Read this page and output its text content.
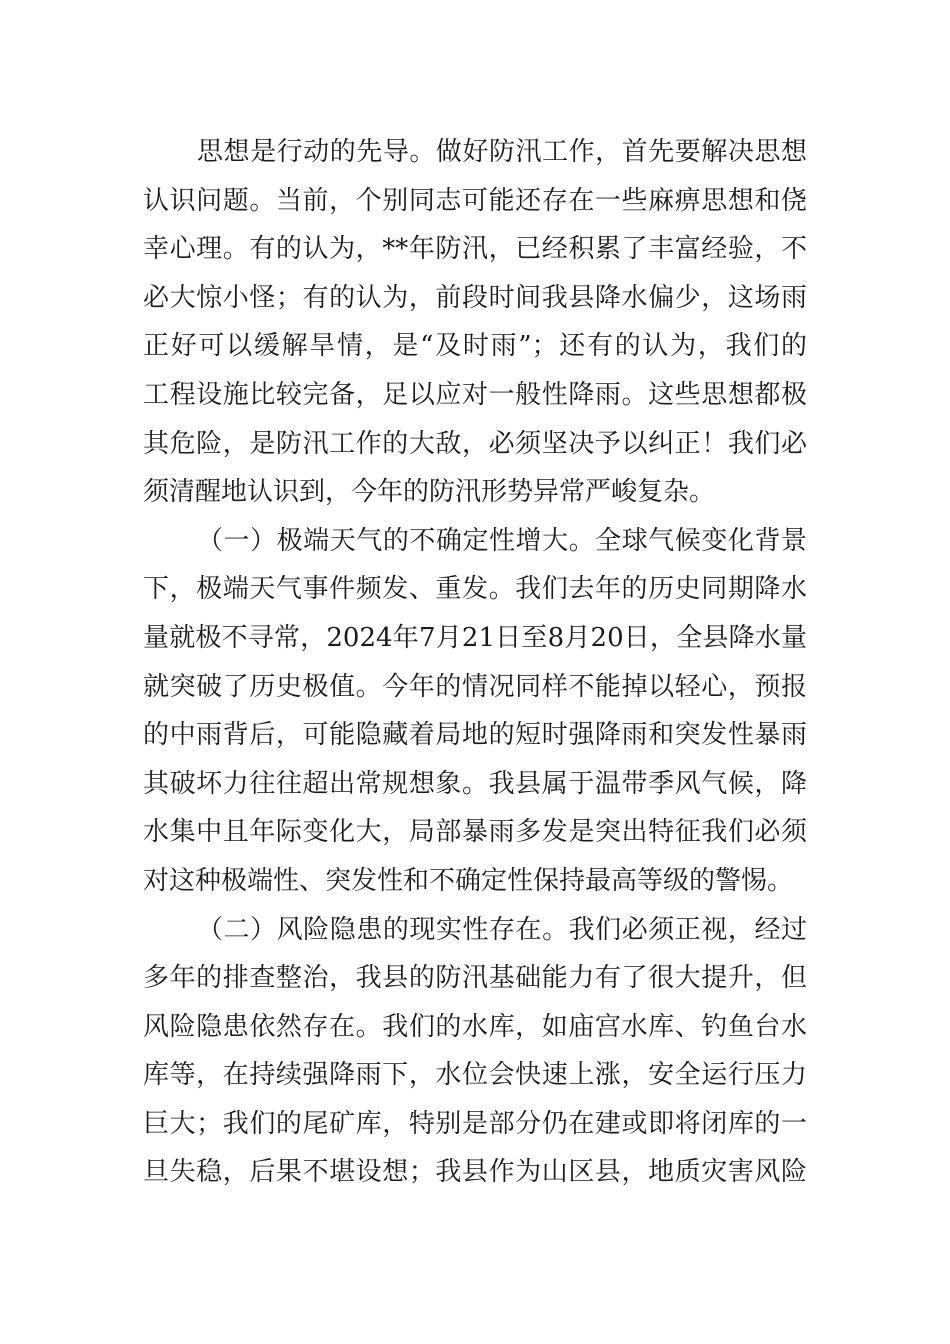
思想是行动的先导。做好防汛工作，首先要解决思想
认识问题。当前，个别同志可能还存在一些麻痹思想和侥
幸心理。有的认为，**年防汛，已经积累了丰富经验，不
必大惊小怪；有的认为，前段时间我县降水偏少，这场雨
正好可以缓解旱情，是“及时雨”；还有的认为，我们的
工程设施比较完备，足以应对一般性降雨。这些思想都极
其危险，是防汛工作的大敌，必须坚决予以纠正！我们必
须清醒地认识到，今年的防汛形势异常严峻复杂。
（一）极端天气的不确定性增大。全球气候变化背景
下，极端天气事件频发、重发。我们去年的历史同期降水
量就极不寻常，2024年7月21日至8月20日，全县降水量
就突破了历史极值。今年的情况同样不能掉以轻心，预报
的中雨背后，可能隐藏着局地的短时强降雨和突发性暴雨
其破坏力往往超出常规想象。我县属于温带季风气候，降
水集中且年际变化大，局部暴雨多发是突出特征我们必须
对这种极端性、突发性和不确定性保持最高等级的警惕。
（二）风险隐患的现实性存在。我们必须正视，经过
多年的排查整治，我县的防汛基础能力有了很大提升，但
风险隐患依然存在。我们的水库，如庙宫水库、钓鱼台水
库等，在持续强降雨下，水位会快速上涨，安全运行压力
巨大；我们的尾矿库，特别是部分仍在建或即将闭库的一
旦失稳，后果不堪设想；我县作为山区县，地质灾害风险
